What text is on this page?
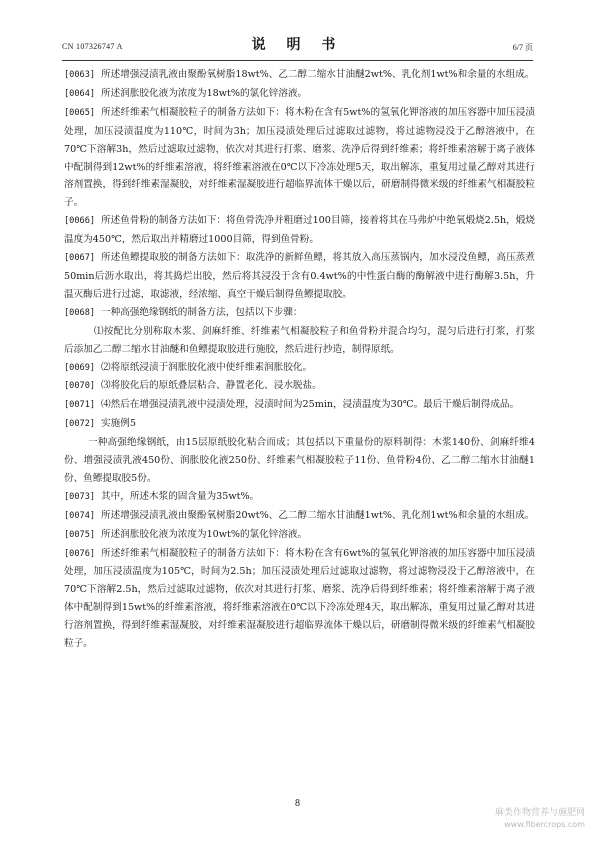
CN 107326747 A	说 明 书	6/7 页

[0063] 所述增强浸渍乳液由聚酚氧树脂18wt%、乙二醇二缩水甘油醚2wt%、乳化剂1wt%和余量的水组成。

[0064] 所述润胀胶化液为浓度为18wt%的氯化锌溶液。

[0065] 所述纤维素气相凝胶粒子的制备方法如下：将木粉在含有5wt%的氢氧化钾溶液的加压容器中加压浸渍处理，加压浸渍温度为110℃，时间为3h；加压浸渍处理后过滤取过滤物，将过滤物浸没于乙醇溶液中，在70℃下溶解3h，然后过滤取过滤物，依次对其进行打浆、磨浆、洗净后得到纤维素；将纤维素溶解于离子液体中配制得到12wt%的纤维素溶液，将纤维素溶液在0℃以下冷冻处理5天，取出解冻，重复用过量乙醇对其进行溶剂置换，得到纤维素湿凝胶，对纤维素湿凝胶进行超临界流体干燥以后，研磨制得微米级的纤维素气相凝胶粒子。

[0066] 所述鱼骨粉的制备方法如下：将鱼骨洗净并粗磨过100目筛，接着将其在马弗炉中绝氧煅烧2.5h，煅烧温度为450℃，然后取出并精磨过1000目筛，得到鱼骨粉。

[0067] 所述鱼鳔提取胶的制备方法如下：取洗净的新鲜鱼鳔，将其放入高压蒸锅内，加水浸没鱼鳔，高压蒸煮50min后沥水取出，将其捣烂出胶，然后将其浸没于含有0.4wt%的中性蛋白酶的酶解液中进行酶解3.5h，升温灭酶后进行过滤，取滤液，经浓缩、真空干燥后制得鱼鳔提取胶。

[0068] 一种高强绝缘钢纸的制备方法，包括以下步骤：

⑴按配比分别称取木浆、剑麻纤维、纤维素气相凝胶粒子和鱼骨粉并混合均匀，混匀后进行打浆，打浆后添加乙二醇二缩水甘油醚和鱼鳔提取胶进行施胶，然后进行抄造，制得原纸。

[0069] ⑵将原纸浸渍于润胀胶化液中使纤维素润胀胶化。

[0070] ⑶将胶化后的原纸叠层粘合、静置老化、浸水脱盐。

[0071] ⑷然后在增强浸渍乳液中浸渍处理，浸渍时间为25min，浸渍温度为30℃。最后干燥后制得成品。

[0072] 实施例5

一种高强绝缘钢纸，由15层原纸胶化粘合而成；其包括以下重量份的原料制得：木浆140份、剑麻纤维4份、增强浸渍乳液450份、润胀胶化液250份、纤维素气相凝胶粒子11份、鱼骨粉4份、乙二醇二缩水甘油醚1份、鱼鳔提取胶5份。

[0073] 其中，所述木浆的固含量为35wt%。

[0074] 所述增强浸渍乳液由聚酚氧树脂20wt%、乙二醇二缩水甘油醚1wt%、乳化剂1wt%和余量的水组成。

[0075] 所述润胀胶化液为浓度为10wt%的氯化锌溶液。

[0076] 所述纤维素气相凝胶粒子的制备方法如下：将木粉在含有6wt%的氢氧化钾溶液的加压容器中加压浸渍处理，加压浸渍温度为105℃，时间为2.5h；加压浸渍处理后过滤取过滤物，将过滤物浸没于乙醇溶液中，在70℃下溶解2.5h，然后过滤取过滤物，依次对其进行打浆、磨浆、洗净后得到纤维素；将纤维素溶解于离子液体中配制得到15wt%的纤维素溶液，将纤维素溶液在0℃以下冷冻处理4天，取出解冻，重复用过量乙醇对其进行溶剂置换，得到纤维素湿凝胶，对纤维素湿凝胶进行超临界流体干燥以后，研磨制得微米级的纤维素气相凝胶粒子。

8
麻类作物营养与施肥网
www.fibercrops.com
